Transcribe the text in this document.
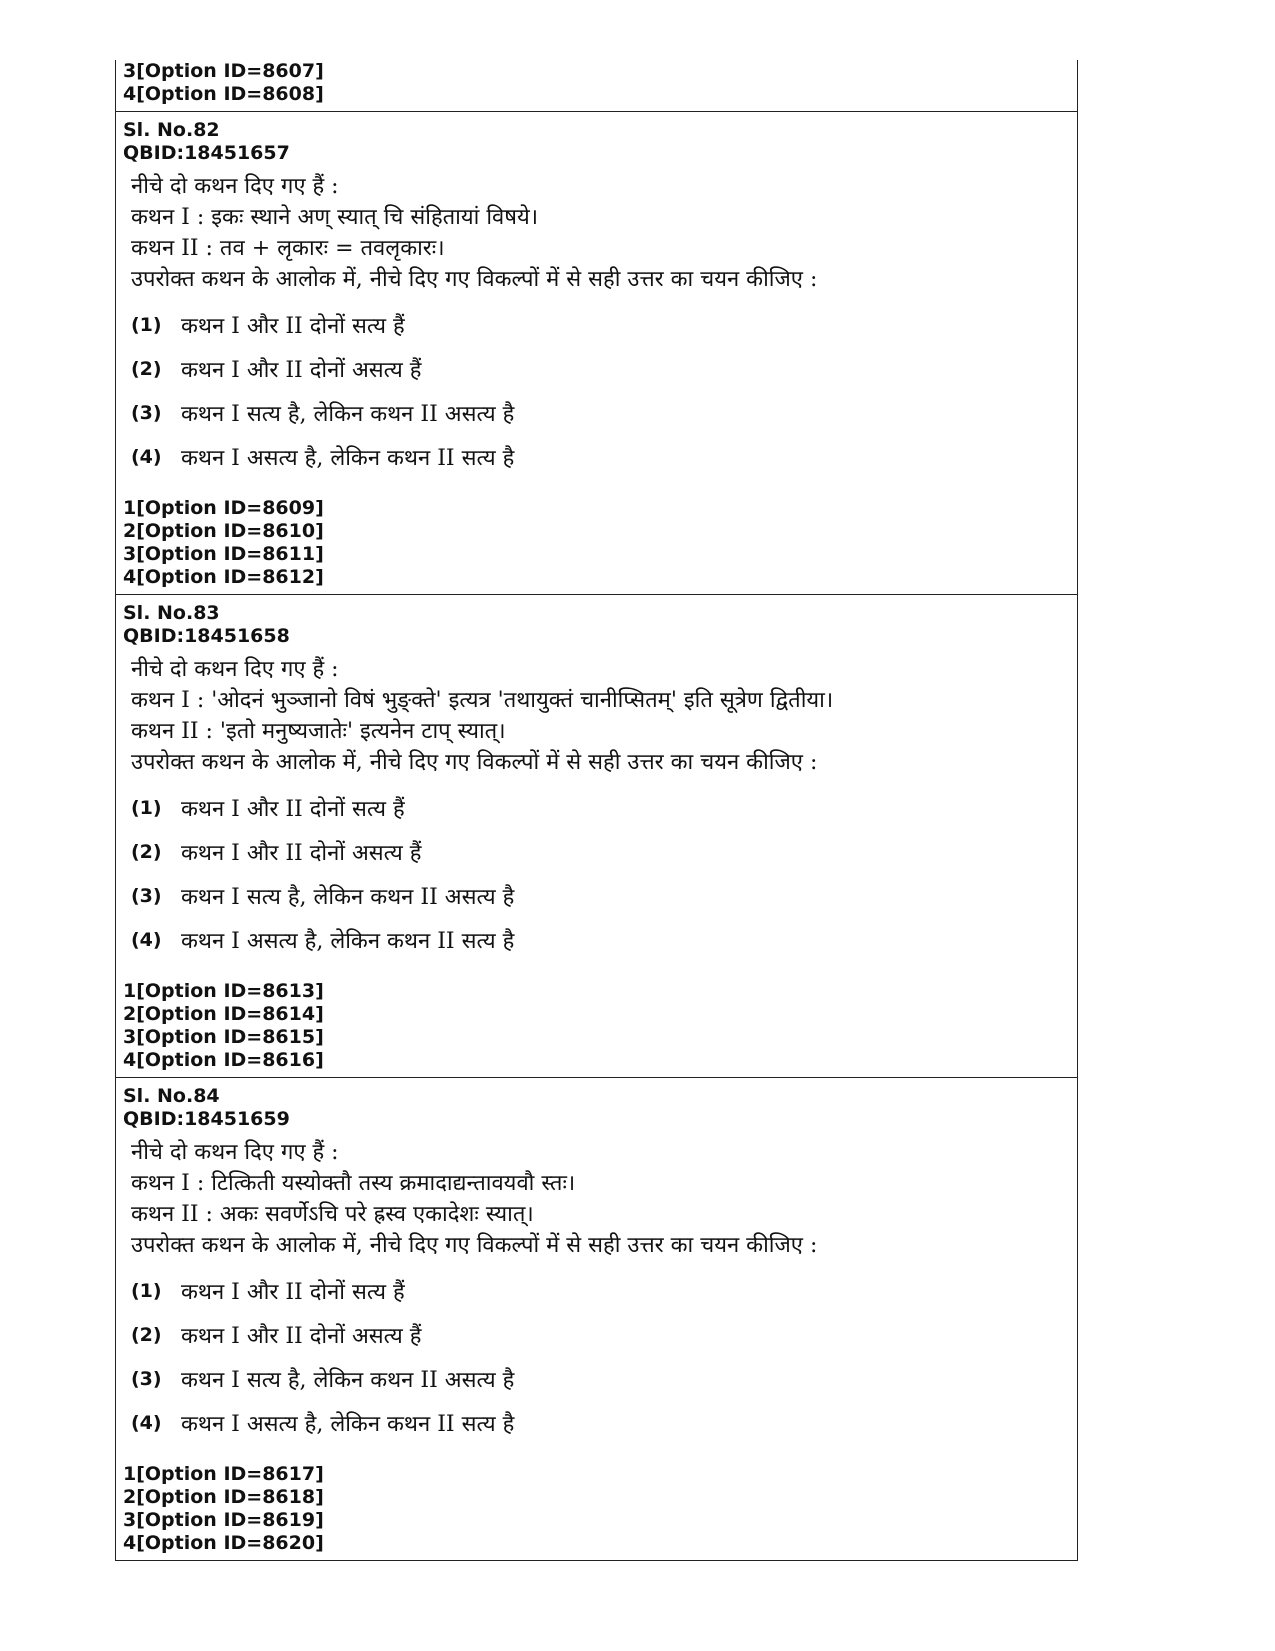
3[Option ID=8607]
4[Option ID=8608]
Sl. No.82
QBID:18451657
नीचे दो कथन दिए गए हैं :
कथन I : इकः स्थाने अण् स्यात् चि संहितायां विषये।
कथन II : तव + लृकारः = तवलृकारः।
उपरोक्त कथन के आलोक में, नीचे दिए गए विकल्पों में से सही उत्तर का चयन कीजिए :
(1) कथन I और II दोनों सत्य हैं
(2) कथन I और II दोनों असत्य हैं
(3) कथन I सत्य है, लेकिन कथन II असत्य है
(4) कथन I असत्य है, लेकिन कथन II सत्य है
1[Option ID=8609]
2[Option ID=8610]
3[Option ID=8611]
4[Option ID=8612]
Sl. No.83
QBID:18451658
नीचे दो कथन दिए गए हैं :
कथन I : 'ओदनं भुञ्जानो विषं भुङ्क्ते' इत्यत्र 'तथायुक्तं चानीप्सितम्' इति सूत्रेण द्वितीया।
कथन II : 'इतो मनुष्यजातेः' इत्यनेन टाप् स्यात्।
उपरोक्त कथन के आलोक में, नीचे दिए गए विकल्पों में से सही उत्तर का चयन कीजिए :
(1) कथन I और II दोनों सत्य हैं
(2) कथन I और II दोनों असत्य हैं
(3) कथन I सत्य है, लेकिन कथन II असत्य है
(4) कथन I असत्य है, लेकिन कथन II सत्य है
1[Option ID=8613]
2[Option ID=8614]
3[Option ID=8615]
4[Option ID=8616]
Sl. No.84
QBID:18451659
नीचे दो कथन दिए गए हैं :
कथन I : टित्किती यस्योक्तौ तस्य क्रमादाद्यन्तावयवौ स्तः।
कथन II : अकः सवर्णेऽचि परे ह्रस्व एकादेशः स्यात्।
उपरोक्त कथन के आलोक में, नीचे दिए गए विकल्पों में से सही उत्तर का चयन कीजिए :
(1) कथन I और II दोनों सत्य हैं
(2) कथन I और II दोनों असत्य हैं
(3) कथन I सत्य है, लेकिन कथन II असत्य है
(4) कथन I असत्य है, लेकिन कथन II सत्य है
1[Option ID=8617]
2[Option ID=8618]
3[Option ID=8619]
4[Option ID=8620]
